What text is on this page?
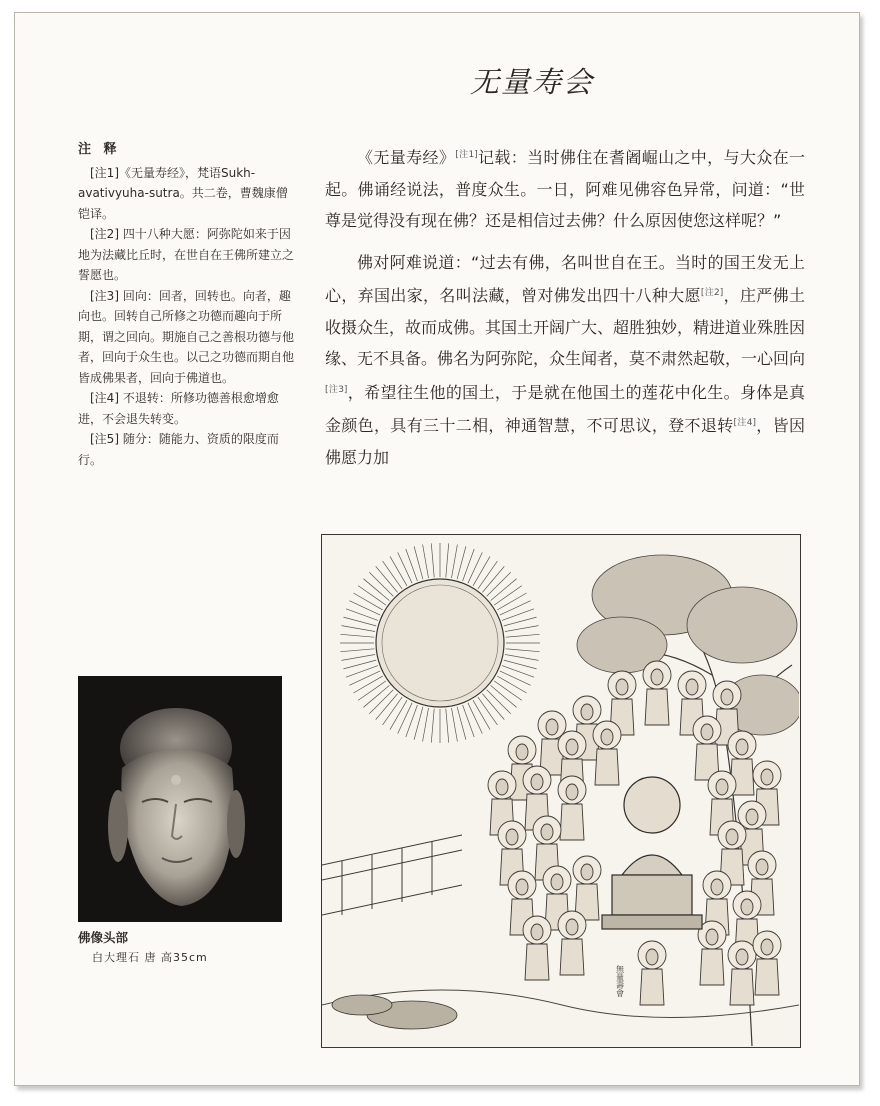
无量寿会
注 释

[注1]《无量寿经》，梵语Sukh-avativyuha-sutra。共二卷，曹魏康僧铠译。

[注2] 四十八种大愿：阿弥陀如来于因地为法藏比丘时，在世自在王佛所建立之誓愿也。

[注3] 回向：回者，回转也。向者，趣向也。回转自己所修之功德而趣向于所期，谓之回向。期施自己之善根功德与他者，回向于众生也。以己之功德而期自他皆成佛果者，回向于佛道也。

[注4] 不退转：所修功德善根愈增愈进，不会退失转变。

[注5] 随分：随能力、资质的限度而行。

《无量寿经》[注1]记载：当时佛住在耆阇崛山之中，与大众在一起。佛诵经说法，普度众生。一日，阿难见佛容色异常，问道：“世尊是觉得没有现在佛？还是相信过去佛？什么原因使您这样呢？”

佛对阿难说道：“过去有佛，名叫世自在王。当时的国王发无上心，弃国出家，名叫法藏，曾对佛发出四十八种大愿[注2]，庄严佛土收摄众生，故而成佛。其国土开阔广大、超胜独妙，精进道业殊胜因缘、无不具备。佛名为阿弥陀，众生闻者，莫不肃然起敬，一心回向[注3]，希望往生他的国土，于是就在他国土的莲花中化生。身体是真金颜色，具有三十二相，神通智慧，不可思议，登不退转[注4]，皆因佛愿力加

佛像头部
白大理石 唐 高35cm
無量壽會
